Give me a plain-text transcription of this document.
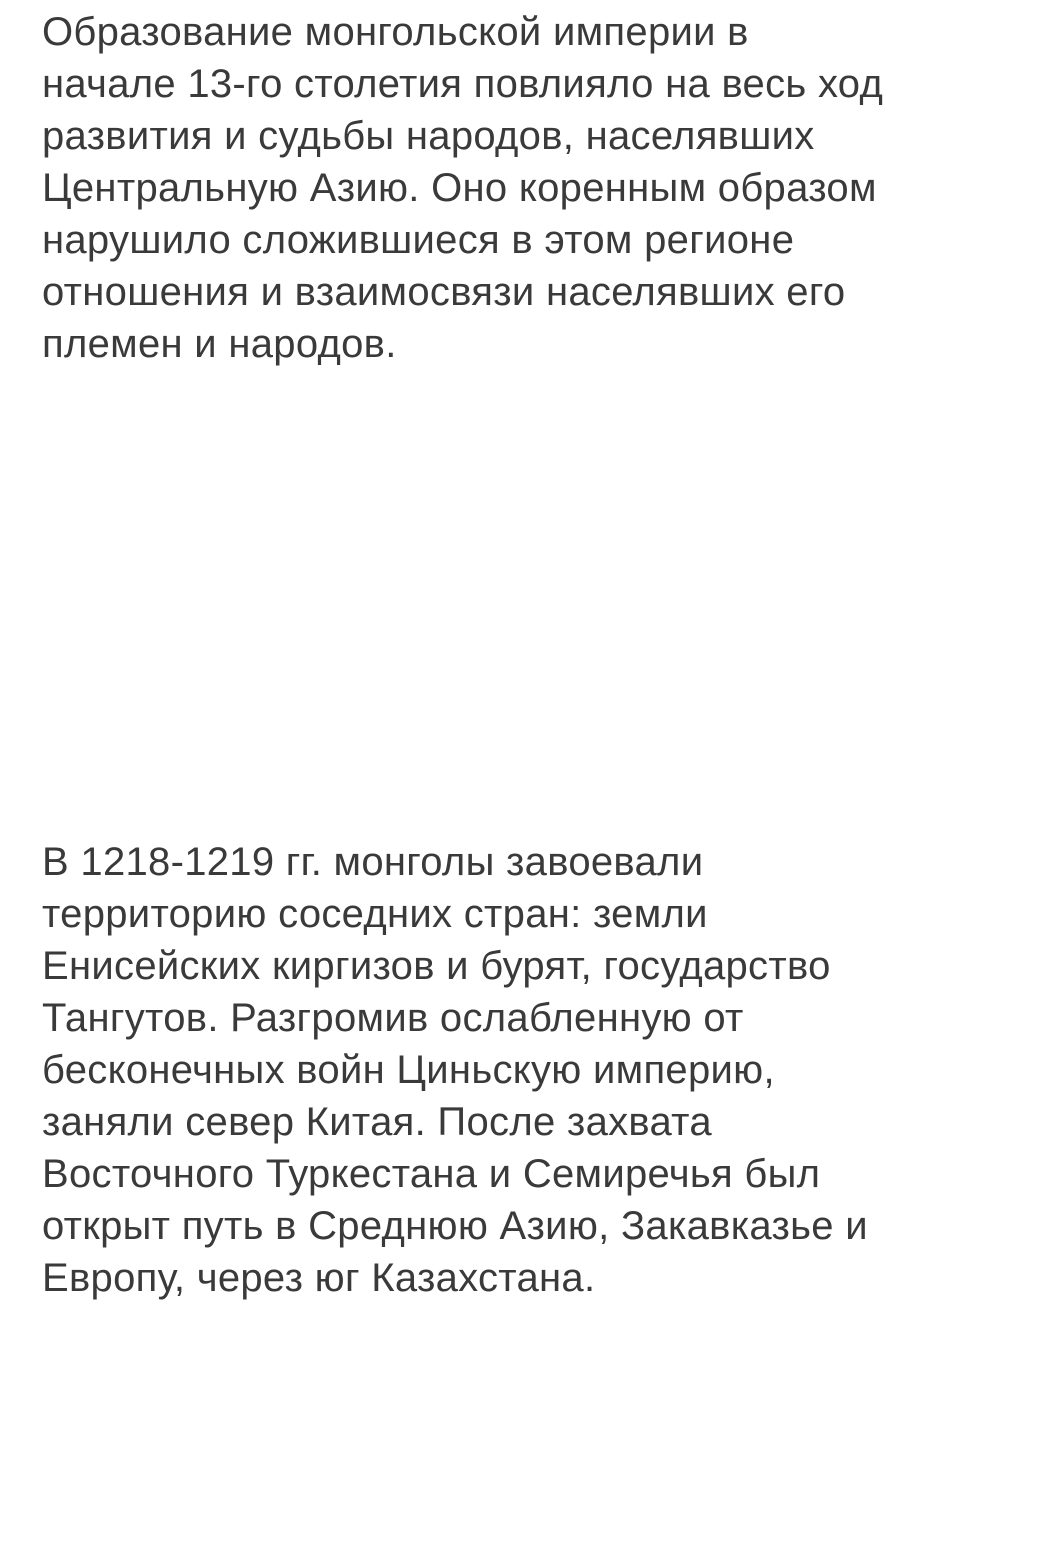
Образование монгольской империи в
начале 13-го столетия повлияло на весь ход
развития и судьбы народов, населявших
Центральную Азию. Оно коренным образом
нарушило сложившиеся в этом регионе
отношения и взаимосвязи населявших его
племен и народов.

В 1218-1219 гг. монголы завоевали
территорию соседних стран: земли
Енисейских киргизов и бурят, государство
Тангутов. Разгромив ослабленную от
бесконечных войн Циньскую империю,
заняли север Китая. После захвата
Восточного Туркестана и Семиречья был
открыт путь в Среднюю Азию, Закавказье и
Европу, через юг Казахстана.
